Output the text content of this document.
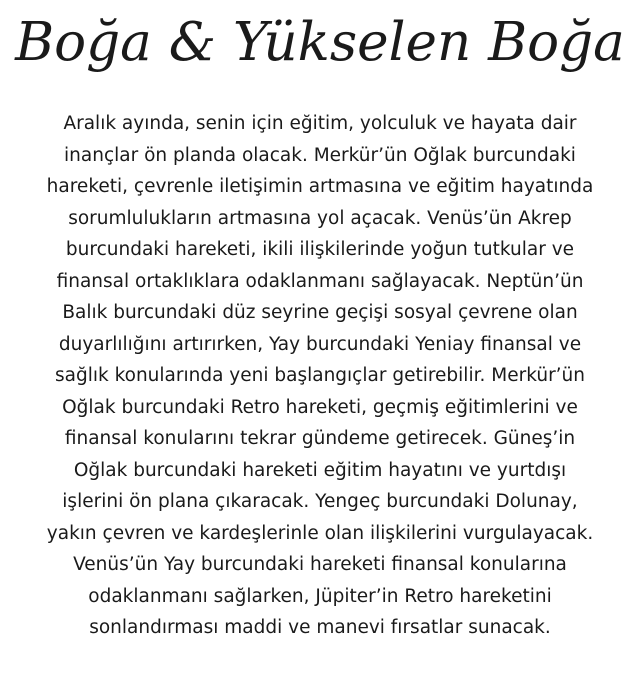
Boğa & Yükselen Boğa

Aralık ayında, senin için eğitim, yolculuk ve hayata dair
inançlar ön planda olacak. Merkür’ün Oğlak burcundaki
hareketi, çevrenle iletişimin artmasına ve eğitim hayatında
sorumlulukların artmasına yol açacak. Venüs’ün Akrep
burcundaki hareketi, ikili ilişkilerinde yoğun tutkular ve
finansal ortaklıklara odaklanmanı sağlayacak. Neptün’ün
Balık burcundaki düz seyrine geçişi sosyal çevrene olan
duyarlılığını artırırken, Yay burcundaki Yeniay finansal ve
sağlık konularında yeni başlangıçlar getirebilir. Merkür’ün
Oğlak burcundaki Retro hareketi, geçmiş eğitimlerini ve
finansal konularını tekrar gündeme getirecek. Güneş’in
Oğlak burcundaki hareketi eğitim hayatını ve yurtdışı
işlerini ön plana çıkaracak. Yengeç burcundaki Dolunay,
yakın çevren ve kardeşlerinle olan ilişkilerini vurgulayacak.
Venüs’ün Yay burcundaki hareketi finansal konularına
odaklanmanı sağlarken, Jüpiter’in Retro hareketini
sonlandırması maddi ve manevi fırsatlar sunacak.
